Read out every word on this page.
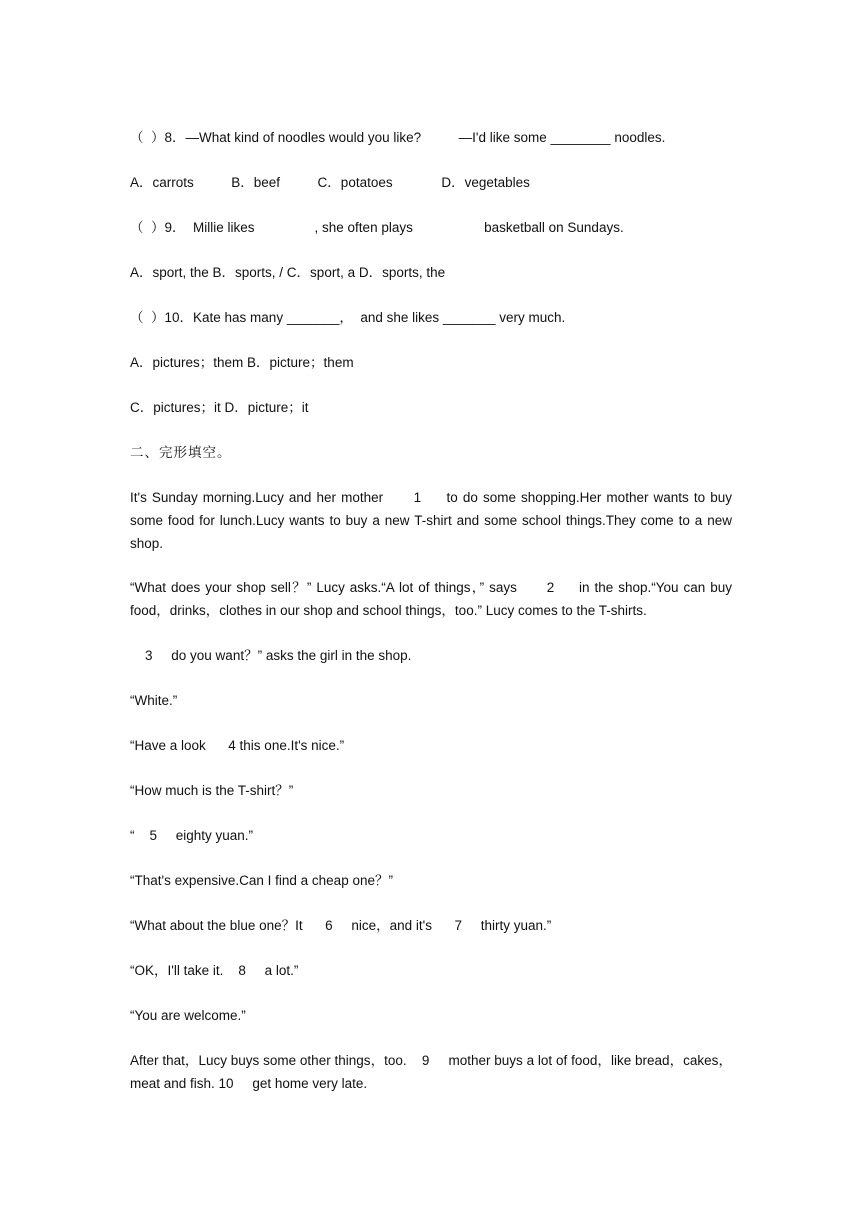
（  ）8．—What kind of noodles would you like?          —I'd like some ________ noodles.
A．carrots          B．beef          C．potatoes             D．vegetables
（  ）9．  Millie likes                , she often plays                   basketball on Sundays.
A．sport, the B．sports, / C．sport, a D．sports, the
（  ）10．Kate has many _______，  and she likes _______ very much.
A．pictures；them B．picture；them
C．pictures；it D．picture；it
二、完形填空。
It's Sunday morning.Lucy and her mother      1     to do some shopping.Her mother wants to buy some food for lunch.Lucy wants to buy a new T-shirt and some school things.They come to a new shop.
“What does your shop sell？” Lucy asks.“A lot of things，” says      2     in the shop.“You can buy food，drinks，clothes in our shop and school things，too.” Lucy comes to the T-shirts.
3     do you want？” asks the girl in the shop.
“White.”
“Have a look      4 this one.It's nice.”
“How much is the T-shirt？”
“    5     eighty yuan.”
“That's expensive.Can I find a cheap one？”
“What about the blue one？It      6     nice，and it's      7     thirty yuan.”
“OK，I'll take it.    8     a lot.”
“You are welcome.”
After that，Lucy buys some other things，too.    9     mother buys a lot of food，like bread，cakes，meat and fish. 10     get home very late.
